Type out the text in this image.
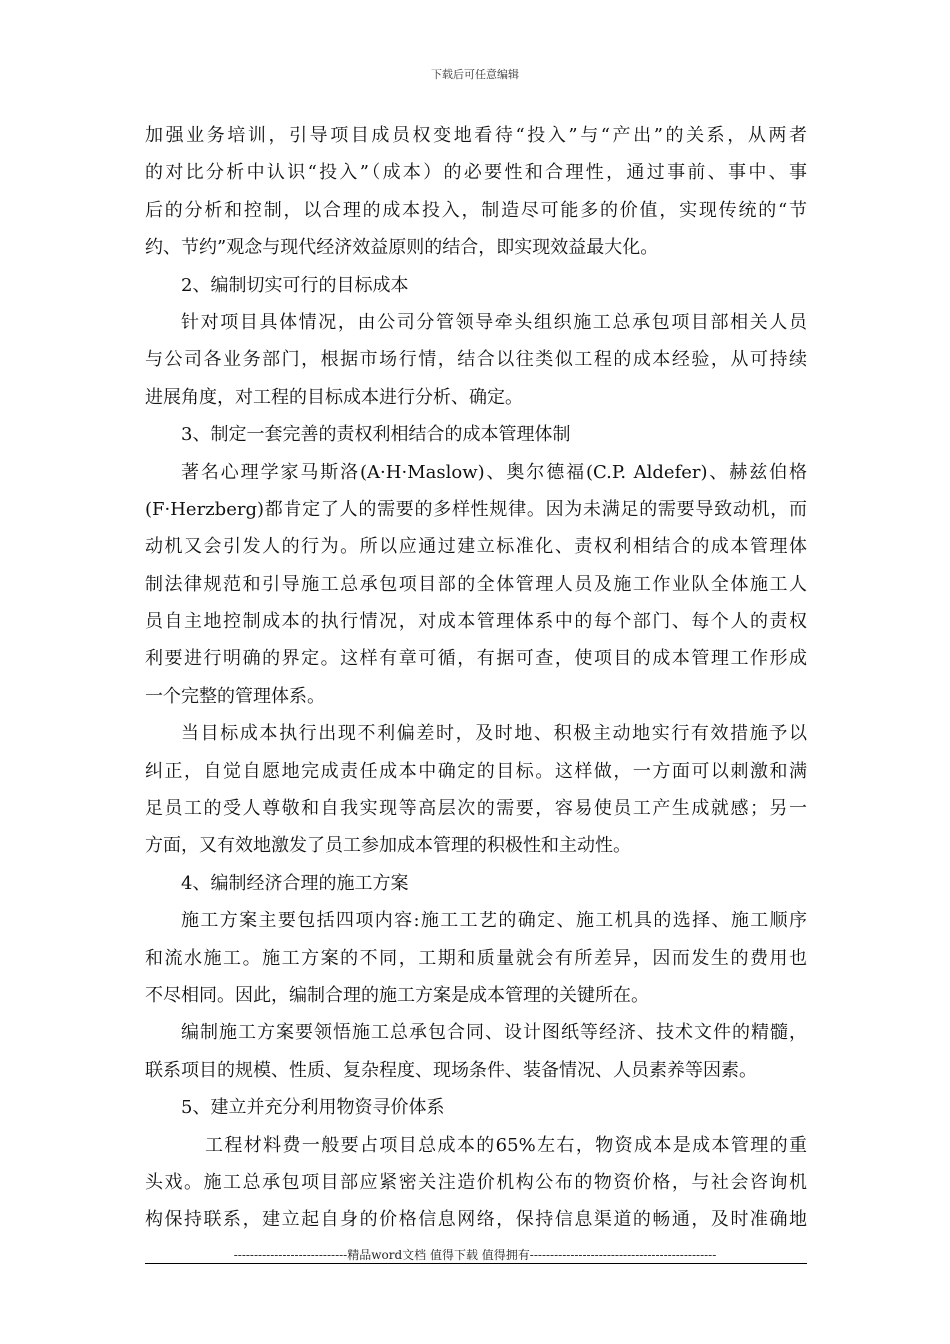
下载后可任意编辑
加强业务培训，引导项目成员权变地看待“投入”与“产出”的关系，从两者
的对比分析中认识“投入”（成本）的必要性和合理性，通过事前、事中、事
后的分析和控制，以合理的成本投入，制造尽可能多的价值，实现传统的“节
约、节约”观念与现代经济效益原则的结合，即实现效益最大化。
2、编制切实可行的目标成本
针对项目具体情况，由公司分管领导牵头组织施工总承包项目部相关人员
与公司各业务部门，根据市场行情，结合以往类似工程的成本经验，从可持续
进展角度，对工程的目标成本进行分析、确定。
3、制定一套完善的责权利相结合的成本管理体制
著名心理学家马斯洛(A·H·Maslow)、奥尔德福(C.P. Aldefer)、赫兹伯格
(F·Herzberg)都肯定了人的需要的多样性规律。因为未满足的需要导致动机，而
动机又会引发人的行为。所以应通过建立标准化、责权利相结合的成本管理体
制法律规范和引导施工总承包项目部的全体管理人员及施工作业队全体施工人
员自主地控制成本的执行情况，对成本管理体系中的每个部门、每个人的责权
利要进行明确的界定。这样有章可循，有据可查，使项目的成本管理工作形成
一个完整的管理体系。
当目标成本执行出现不利偏差时，及时地、积极主动地实行有效措施予以
纠正，自觉自愿地完成责任成本中确定的目标。这样做，一方面可以刺激和满
足员工的受人尊敬和自我实现等高层次的需要，容易使员工产生成就感；另一
方面，又有效地激发了员工参加成本管理的积极性和主动性。
4、编制经济合理的施工方案
施工方案主要包括四项内容:施工工艺的确定、施工机具的选择、施工顺序
和流水施工。施工方案的不同，工期和质量就会有所差异，因而发生的费用也
不尽相同。因此，编制合理的施工方案是成本管理的关键所在。
编制施工方案要领悟施工总承包合同、设计图纸等经济、技术文件的精髓，
联系项目的规模、性质、复杂程度、现场条件、装备情况、人员素养等因素。
5、建立并充分利用物资寻价体系
工程材料费一般要占项目总成本的65%左右，物资成本是成本管理的重
头戏。施工总承包项目部应紧密关注造价机构公布的物资价格，与社会咨询机
构保持联系，建立起自身的价格信息网络，保持信息渠道的畅通，及时准确地
----------------------------精品word文档 值得下载 值得拥有----------------------------------------------
